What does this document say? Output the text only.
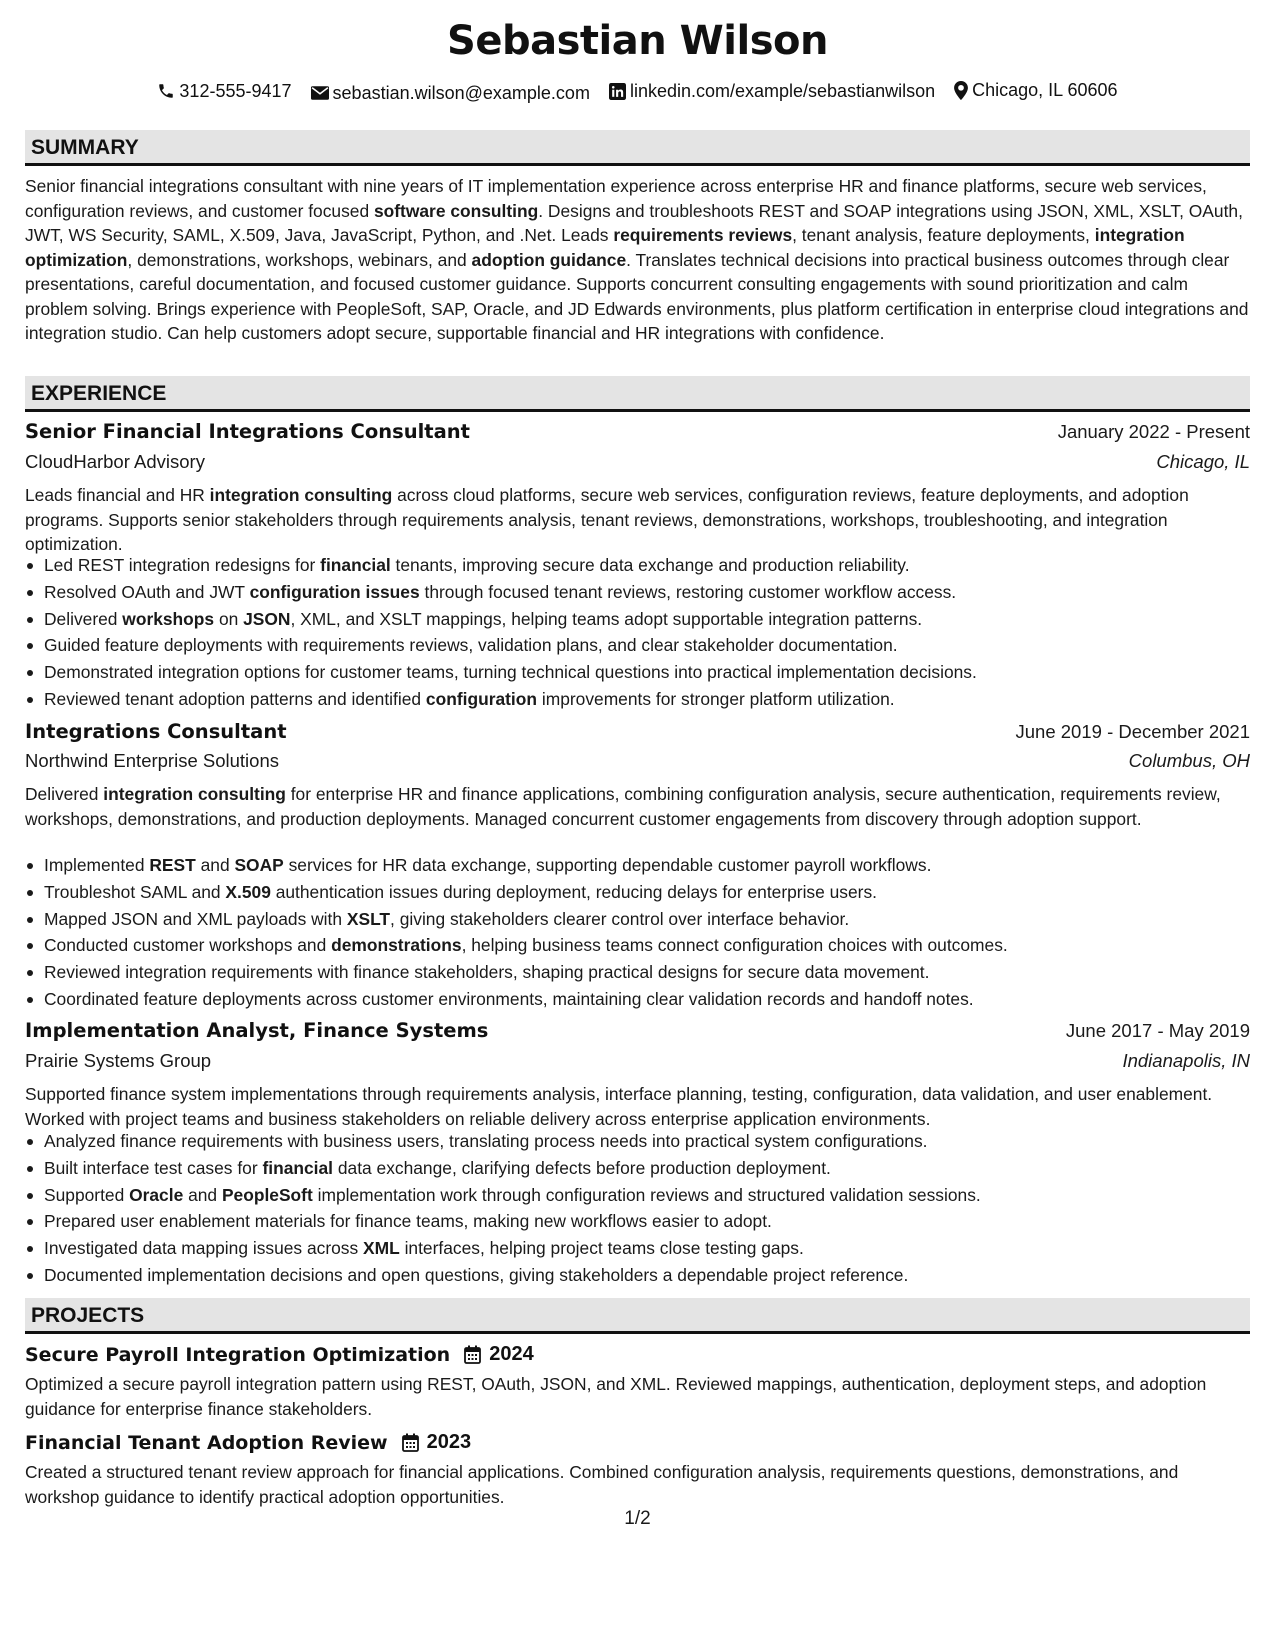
Sebastian Wilson
312-555-9417
sebastian.wilson@example.com
linkedin.com/example/sebastianwilson
Chicago, IL 60606
SUMMARY
Senior financial integrations consultant with nine years of IT implementation experience across enterprise HR and finance platforms, secure web services, configuration reviews, and customer focused software consulting. Designs and troubleshoots REST and SOAP integrations using JSON, XML, XSLT, OAuth, JWT, WS Security, SAML, X.509, Java, JavaScript, Python, and .Net. Leads requirements reviews, tenant analysis, feature deployments, integration optimization, demonstrations, workshops, webinars, and adoption guidance. Translates technical decisions into practical business outcomes through clear presentations, careful documentation, and focused customer guidance. Supports concurrent consulting engagements with sound prioritization and calm problem solving. Brings experience with PeopleSoft, SAP, Oracle, and JD Edwards environments, plus platform certification in enterprise cloud integrations and integration studio. Can help customers adopt secure, supportable financial and HR integrations with confidence.
EXPERIENCE
Senior Financial Integrations Consultant	January 2022 - Present
CloudHarbor Advisory	Chicago, IL
Leads financial and HR integration consulting across cloud platforms, secure web services, configuration reviews, feature deployments, and adoption programs. Supports senior stakeholders through requirements analysis, tenant reviews, demonstrations, workshops, troubleshooting, and integration optimization.
Led REST integration redesigns for financial tenants, improving secure data exchange and production reliability.
Resolved OAuth and JWT configuration issues through focused tenant reviews, restoring customer workflow access.
Delivered workshops on JSON, XML, and XSLT mappings, helping teams adopt supportable integration patterns.
Guided feature deployments with requirements reviews, validation plans, and clear stakeholder documentation.
Demonstrated integration options for customer teams, turning technical questions into practical implementation decisions.
Reviewed tenant adoption patterns and identified configuration improvements for stronger platform utilization.
Integrations Consultant	June 2019 - December 2021
Northwind Enterprise Solutions	Columbus, OH
Delivered integration consulting for enterprise HR and finance applications, combining configuration analysis, secure authentication, requirements review, workshops, demonstrations, and production deployments. Managed concurrent customer engagements from discovery through adoption support.
Implemented REST and SOAP services for HR data exchange, supporting dependable customer payroll workflows.
Troubleshot SAML and X.509 authentication issues during deployment, reducing delays for enterprise users.
Mapped JSON and XML payloads with XSLT, giving stakeholders clearer control over interface behavior.
Conducted customer workshops and demonstrations, helping business teams connect configuration choices with outcomes.
Reviewed integration requirements with finance stakeholders, shaping practical designs for secure data movement.
Coordinated feature deployments across customer environments, maintaining clear validation records and handoff notes.
Implementation Analyst, Finance Systems	June 2017 - May 2019
Prairie Systems Group	Indianapolis, IN
Supported finance system implementations through requirements analysis, interface planning, testing, configuration, data validation, and user enablement. Worked with project teams and business stakeholders on reliable delivery across enterprise application environments.
Analyzed finance requirements with business users, translating process needs into practical system configurations.
Built interface test cases for financial data exchange, clarifying defects before production deployment.
Supported Oracle and PeopleSoft implementation work through configuration reviews and structured validation sessions.
Prepared user enablement materials for finance teams, making new workflows easier to adopt.
Investigated data mapping issues across XML interfaces, helping project teams close testing gaps.
Documented implementation decisions and open questions, giving stakeholders a dependable project reference.
PROJECTS
Secure Payroll Integration Optimization 2024
Optimized a secure payroll integration pattern using REST, OAuth, JSON, and XML. Reviewed mappings, authentication, deployment steps, and adoption guidance for enterprise finance stakeholders.
Financial Tenant Adoption Review 2023
Created a structured tenant review approach for financial applications. Combined configuration analysis, requirements questions, demonstrations, and workshop guidance to identify practical adoption opportunities.
1/2
